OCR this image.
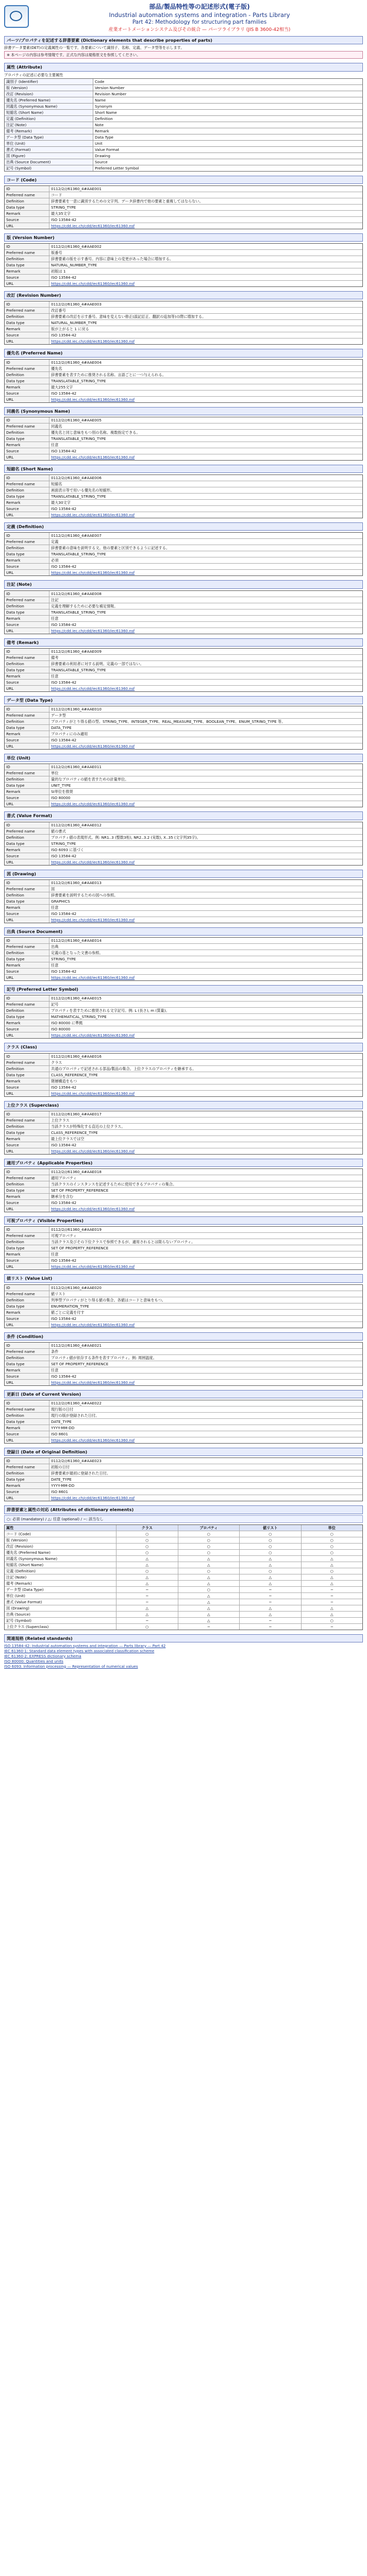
部品/製品特性等の記述形式(電子版)
Industrial automation systems and integration - Parts Library
Part 42: Methodology for structuring part families
産業オートメーションシステム及びその統合 — パーツライブラリ (JIS B 3600-42相当)
パーツ/プロパティを記述する辞書要素 (Dictionary elements that describe properties of parts)
辞書データ要素(DET)の定義属性の一覧です。各要素について識別子、名称、定義、データ型等を示します。
※ 本ページの内容は参考情報です。正式な内容は規格原文を参照してください。
属性 (Attribute)
プロパティの記述に必要な主要属性
識別子 (Identifier)	Code
版 (Version)	Version Number
改訂 (Revision)	Revision Number
優先名 (Preferred Name)	Name
同義名 (Synonymous Name)	Synonym
短縮名 (Short Name)	Short Name
定義 (Definition)	Definition
注記 (Note)	Note
備考 (Remark)	Remark
データ型 (Data Type)	Data Type
単位 (Unit)	Unit
書式 (Format)	Value Format
図 (Figure)	Drawing
出典 (Source Document)	Source
記号 (Symbol)	Preferred Letter Symbol
コード (Code)
ID	0112/2///61360_4#AAE001
Preferred name	コード
Definition	辞書要素を一意に識別するための文字列。データ辞書内で他の要素と重複してはならない。
Data type	STRING_TYPE
Remark	最大35文字
Source	ISO 13584-42
URL	https://cdd.iec.ch/cdd/iec61360/iec61360.nsf
版 (Version Number)
ID	0112/2///61360_4#AAE002
Preferred name	版番号
Definition	辞書要素の版を示す番号。内容に意味上の変更があった場合に増加する。
Data type	NATURAL_NUMBER_TYPE
Remark	初版は 1
Source	ISO 13584-42
URL	https://cdd.iec.ch/cdd/iec61360/iec61360.nsf
改訂 (Revision Number)
ID	0112/2///61360_4#AAE003
Preferred name	改訂番号
Definition	辞書要素の改訂を示す番号。意味を変えない修正(誤記訂正、翻訳の追加等)の際に増加する。
Data type	NATURAL_NUMBER_TYPE
Remark	版が上がると 1 に戻る
Source	ISO 13584-42
URL	https://cdd.iec.ch/cdd/iec61360/iec61360.nsf
優先名 (Preferred Name)
ID	0112/2///61360_4#AAE004
Preferred name	優先名
Definition	辞書要素を表すために推奨される名称。言語ごとに一つ与えられる。
Data type	TRANSLATABLE_STRING_TYPE
Remark	最大255文字
Source	ISO 13584-42
URL	https://cdd.iec.ch/cdd/iec61360/iec61360.nsf
同義名 (Synonymous Name)
ID	0112/2///61360_4#AAE005
Preferred name	同義名
Definition	優先名と同じ意味をもつ別の名称。複数指定できる。
Data type	TRANSLATABLE_STRING_TYPE
Remark	任意
Source	ISO 13584-42
URL	https://cdd.iec.ch/cdd/iec61360/iec61360.nsf
短縮名 (Short Name)
ID	0112/2///61360_4#AAE006
Preferred name	短縮名
Definition	画面表示等で用いる優先名の短縮形。
Data type	TRANSLATABLE_STRING_TYPE
Remark	最大30文字
Source	ISO 13584-42
URL	https://cdd.iec.ch/cdd/iec61360/iec61360.nsf
定義 (Definition)
ID	0112/2///61360_4#AAE007
Preferred name	定義
Definition	辞書要素の意味を説明する文。他の要素と区別できるように記述する。
Data type	TRANSLATABLE_STRING_TYPE
Remark	必須
Source	ISO 13584-42
URL	https://cdd.iec.ch/cdd/iec61360/iec61360.nsf
注記 (Note)
ID	0112/2///61360_4#AAE008
Preferred name	注記
Definition	定義を理解するために必要な補足情報。
Data type	TRANSLATABLE_STRING_TYPE
Remark	任意
Source	ISO 13584-42
URL	https://cdd.iec.ch/cdd/iec61360/iec61360.nsf
備考 (Remark)
ID	0112/2///61360_4#AAE009
Preferred name	備考
Definition	辞書要素の利用者に対する説明。定義の一部ではない。
Data type	TRANSLATABLE_STRING_TYPE
Remark	任意
Source	ISO 13584-42
URL	https://cdd.iec.ch/cdd/iec61360/iec61360.nsf
データ型 (Data Type)
ID	0112/2///61360_4#AAE010
Preferred name	データ型
Definition	プロパティがとり得る値の型。STRING_TYPE、INTEGER_TYPE、REAL_MEASURE_TYPE、BOOLEAN_TYPE、ENUM_STRING_TYPE 等。
Data type	DATA_TYPE
Remark	プロパティにのみ適用
Source	ISO 13584-42
URL	https://cdd.iec.ch/cdd/iec61360/iec61360.nsf
単位 (Unit)
ID	0112/2///61360_4#AAE011
Preferred name	単位
Definition	量的なプロパティの値を表すための計量単位。
Data type	UNIT_TYPE
Remark	SI単位を推奨
Source	ISO 80000
URL	https://cdd.iec.ch/cdd/iec61360/iec61360.nsf
書式 (Value Format)
ID	0112/2///61360_4#AAE012
Preferred name	値の書式
Definition	プロパティ値の表現形式。例: NR1..3 (整数3桁), NR2..3.2 (実数), X..35 (文字列35字)。
Data type	STRING_TYPE
Remark	ISO 6093 に基づく
Source	ISO 13584-42
URL	https://cdd.iec.ch/cdd/iec61360/iec61360.nsf
図 (Drawing)
ID	0112/2///61360_4#AAE013
Preferred name	図
Definition	辞書要素を説明するための図への参照。
Data type	GRAPHICS
Remark	任意
Source	ISO 13584-42
URL	https://cdd.iec.ch/cdd/iec61360/iec61360.nsf
出典 (Source Document)
ID	0112/2///61360_4#AAE014
Preferred name	出典
Definition	定義の基となった文書の参照。
Data type	STRING_TYPE
Remark	任意
Source	ISO 13584-42
URL	https://cdd.iec.ch/cdd/iec61360/iec61360.nsf
記号 (Preferred Letter Symbol)
ID	0112/2///61360_4#AAE015
Preferred name	記号
Definition	プロパティを表すために推奨される文字記号。例: L (長さ), m (質量)。
Data type	MATHEMATICAL_STRING_TYPE
Remark	ISO 80000 に準拠
Source	ISO 80000
URL	https://cdd.iec.ch/cdd/iec61360/iec61360.nsf
クラス (Class)
ID	0112/2///61360_4#AAE016
Preferred name	クラス
Definition	共通のプロパティで記述される部品/製品の集合。上位クラスのプロパティを継承する。
Data type	CLASS_REFERENCE_TYPE
Remark	階層構造をもつ
Source	ISO 13584-42
URL	https://cdd.iec.ch/cdd/iec61360/iec61360.nsf
上位クラス (Superclass)
ID	0112/2///61360_4#AAE017
Preferred name	上位クラス
Definition	当該クラスが特殊化する直近の上位クラス。
Data type	CLASS_REFERENCE_TYPE
Remark	最上位クラスでは空
Source	ISO 13584-42
URL	https://cdd.iec.ch/cdd/iec61360/iec61360.nsf
適用プロパティ (Applicable Properties)
ID	0112/2///61360_4#AAE018
Preferred name	適用プロパティ
Definition	当該クラスのインスタンスを記述するために使用できるプロパティの集合。
Data type	SET OF PROPERTY_REFERENCE
Remark	継承分を含む
Source	ISO 13584-42
URL	https://cdd.iec.ch/cdd/iec61360/iec61360.nsf
可視プロパティ (Visible Properties)
ID	0112/2///61360_4#AAE019
Preferred name	可視プロパティ
Definition	当該クラス及びその下位クラスで参照できるが、適用されるとは限らないプロパティ。
Data type	SET OF PROPERTY_REFERENCE
Remark	任意
Source	ISO 13584-42
URL	https://cdd.iec.ch/cdd/iec61360/iec61360.nsf
値リスト (Value List)
ID	0112/2///61360_4#AAE020
Preferred name	値リスト
Definition	列挙型プロパティがとり得る値の集合。各値はコードと意味をもつ。
Data type	ENUMERATION_TYPE
Remark	値ごとに定義を付す
Source	ISO 13584-42
URL	https://cdd.iec.ch/cdd/iec61360/iec61360.nsf
条件 (Condition)
ID	0112/2///61360_4#AAE021
Preferred name	条件
Definition	プロパティ値が依存する条件を表すプロパティ。例: 周囲温度。
Data type	SET OF PROPERTY_REFERENCE
Remark	任意
Source	ISO 13584-42
URL	https://cdd.iec.ch/cdd/iec61360/iec61360.nsf
更新日 (Date of Current Version)
ID	0112/2///61360_4#AAE022
Preferred name	現行版の日付
Definition	現行の版が登録された日付。
Data type	DATE_TYPE
Remark	YYYY-MM-DD
Source	ISO 8601
URL	https://cdd.iec.ch/cdd/iec61360/iec61360.nsf
登録日 (Date of Original Definition)
ID	0112/2///61360_4#AAE023
Preferred name	初版の日付
Definition	辞書要素が最初に登録された日付。
Data type	DATE_TYPE
Remark	YYYY-MM-DD
Source	ISO 8601
URL	https://cdd.iec.ch/cdd/iec61360/iec61360.nsf
辞書要素と属性の対応 (Attributes of dictionary elements)
○: 必須 (mandatory) / △: 任意 (optional) / −: 該当なし
属性	クラス	プロパティ	値リスト	単位
コード (Code)	○	○	○	○
版 (Version)	○	○	○	○
改訂 (Revision)	○	○	○	○
優先名 (Preferred Name)	○	○	○	○
同義名 (Synonymous Name)	△	△	△	△
短縮名 (Short Name)	△	△	△	△
定義 (Definition)	○	○	○	○
注記 (Note)	△	△	△	△
備考 (Remark)	△	△	△	△
データ型 (Data Type)	−	○	−	−
単位 (Unit)	−	△	−	−
書式 (Value Format)	−	△	−	−
図 (Drawing)	△	△	△	△
出典 (Source)	△	△	△	△
記号 (Symbol)	−	△	−	○
上位クラス (Superclass)	○	−	−	−
関連規格 (Related standards)
ISO 13584-42: Industrial automation systems and integration — Parts library — Part 42
IEC 61360-1: Standard data element types with associated classification scheme
IEC 61360-2: EXPRESS dictionary schema
ISO 80000: Quantities and units
ISO 6093: Information processing — Representation of numerical values
